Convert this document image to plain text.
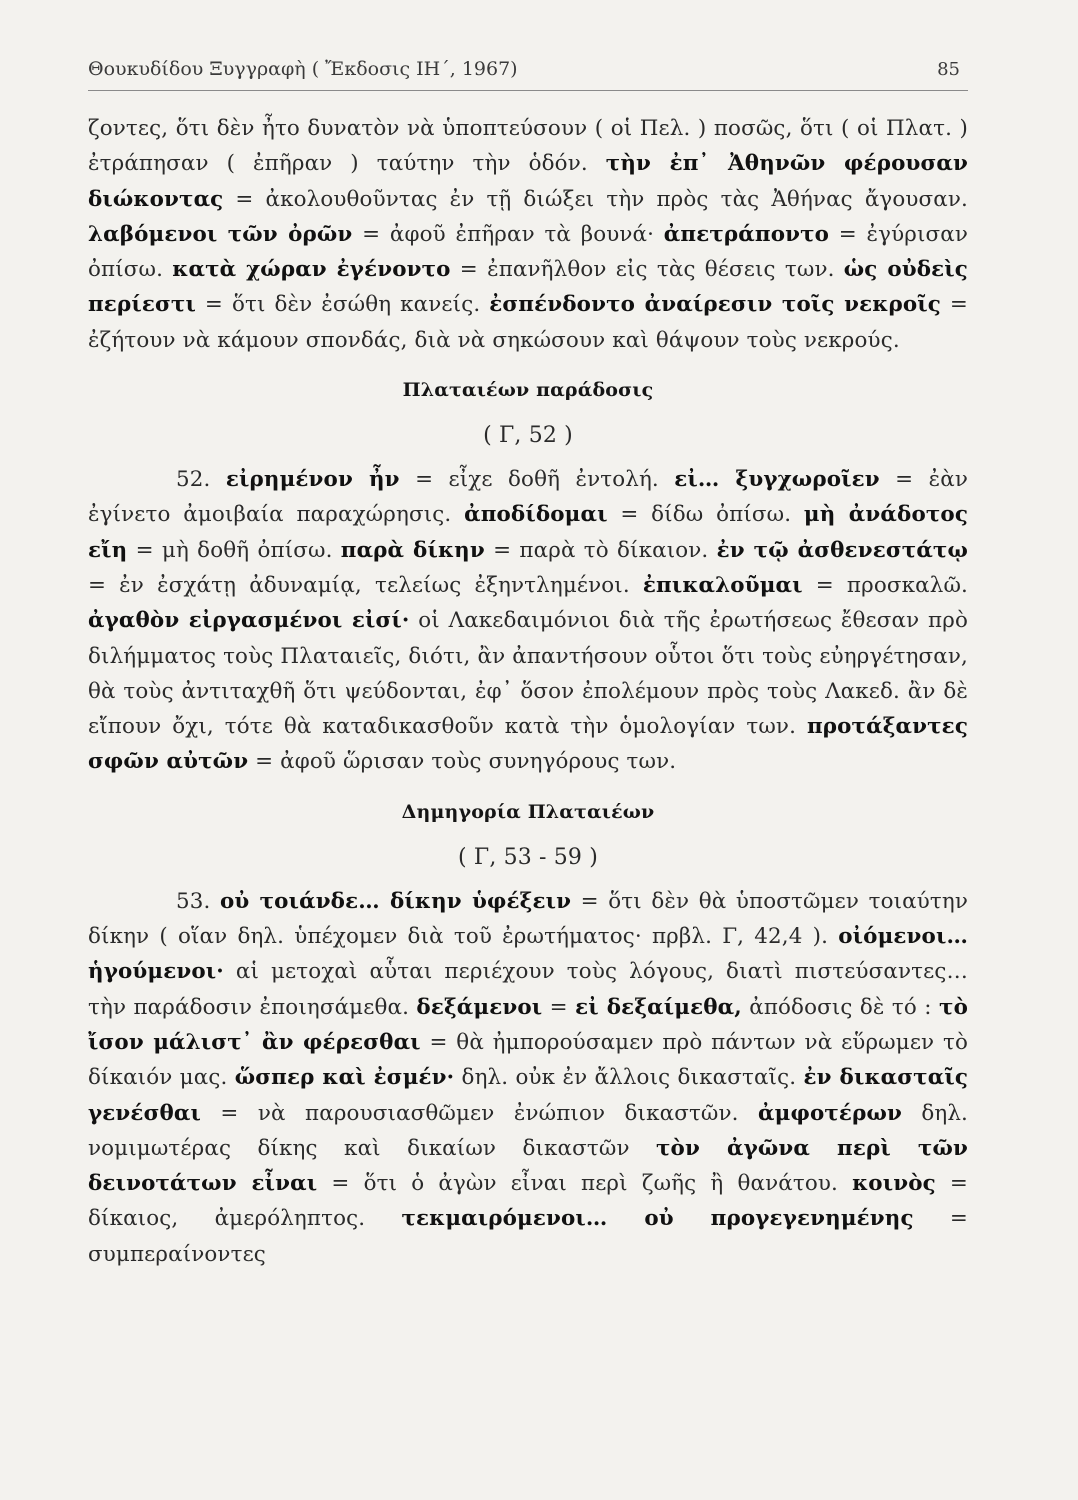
Θουκυδίδου Ξυγγραφὴ ( Ἔκδοσις ΙΗ΄, 1967)	85

ζοντες, ὅτι δὲν ἦτο δυνατὸν νὰ ὑποπτεύσουν ( οἱ Πελ. ) ποσῶς, ὅτι ( οἱ Πλατ. ) ἐτράπησαν ( ἐπῆραν ) ταύτην τὴν ὁδόν. τὴν ἐπ᾿ Ἀθηνῶν φέρουσαν διώκοντας = ἀκολουθοῦντας ἐν τῇ διώξει τὴν πρὸς τὰς Ἀθήνας ἄγουσαν. λαβόμενοι τῶν ὀρῶν = ἀφοῦ ἐπῆραν τὰ βουνά· ἀπετράποντο = ἐγύρισαν ὀπίσω. κατὰ χώραν ἐγένοντο = ἐπανῆλθον εἰς τὰς θέσεις των. ὡς οὐδεὶς περίεστι = ὅτι δὲν ἐσώθη κανείς. ἐσπένδοντο ἀναίρεσιν τοῖς νεκροῖς = ἐζήτουν νὰ κάμουν σπονδάς, διὰ νὰ σηκώσουν καὶ θάψουν τοὺς νεκρούς.

Πλαταιέων παράδοσις
( Γ, 52 )

52. εἰρημένον ἦν = εἶχε δοθῆ ἐντολή. εἰ… ξυγχωροῖεν = ἐὰν ἐγίνετο ἀμοιβαία παραχώρησις. ἀποδίδομαι = δίδω ὀπίσω. μὴ ἀνάδοτος εἴη = μὴ δοθῆ ὀπίσω. παρὰ δίκην = παρὰ τὸ δίκαιον. ἐν τῷ ἀσθενεστάτῳ = ἐν ἐσχάτῃ ἀδυναμίᾳ, τελείως ἐξηντλημένοι. ἐπικαλοῦμαι = προσκαλῶ. ἀγαθὸν εἰργασμένοι εἰσί· οἱ Λακεδαιμόνιοι διὰ τῆς ἐρωτήσεως ἔθεσαν πρὸ διλήμματος τοὺς Πλαταιεῖς, διότι, ἂν ἀπαντήσουν οὗτοι ὅτι τοὺς εὐηργέτησαν, θὰ τοὺς ἀντιταχθῆ ὅτι ψεύδονται, ἐφ᾿ ὅσον ἐπολέμουν πρὸς τοὺς Λακεδ. ἂν δὲ εἴπουν ὄχι, τότε θὰ καταδικασθοῦν κατὰ τὴν ὁμολογίαν των. προτάξαντες σφῶν αὐτῶν = ἀφοῦ ὥρισαν τοὺς συνηγόρους των.

Δημηγορία Πλαταιέων
( Γ, 53 - 59 )

53. οὐ τοιάνδε… δίκην ὑφέξειν = ὅτι δὲν θὰ ὑποστῶμεν τοιαύτην δίκην ( οἵαν δηλ. ὑπέχομεν διὰ τοῦ ἐρωτήματος· πρβλ. Γ, 42,4 ). οἰόμενοι… ἡγούμενοι· αἱ μετοχαὶ αὗται περιέχουν τοὺς λόγους, διατὶ πιστεύσαντες… τὴν παράδοσιν ἐποιησάμεθα. δεξάμενοι = εἰ δεξαίμεθα, ἀπόδοσις δὲ τό : τὸ ἴσον μάλιστ᾿ ἂν φέρεσθαι = θὰ ἠμπορούσαμεν πρὸ πάντων νὰ εὕρωμεν τὸ δίκαιόν μας. ὥσπερ καὶ ἐσμέν· δηλ. οὐκ ἐν ἄλλοις δικασταῖς. ἐν δικασταῖς γενέσθαι = νὰ παρουσιασθῶμεν ἐνώπιον δικαστῶν. ἀμφοτέρων δηλ. νομιμωτέρας δίκης καὶ δικαίων δικαστῶν τὸν ἀγῶνα περὶ τῶν δεινοτάτων εἶναι = ὅτι ὁ ἀγὼν εἶναι περὶ ζωῆς ἢ θανάτου. κοινὸς = δίκαιος, ἀμερόληπτος. τεκμαιρόμενοι… οὐ προγεγενημένης = συμπεραίνοντες
